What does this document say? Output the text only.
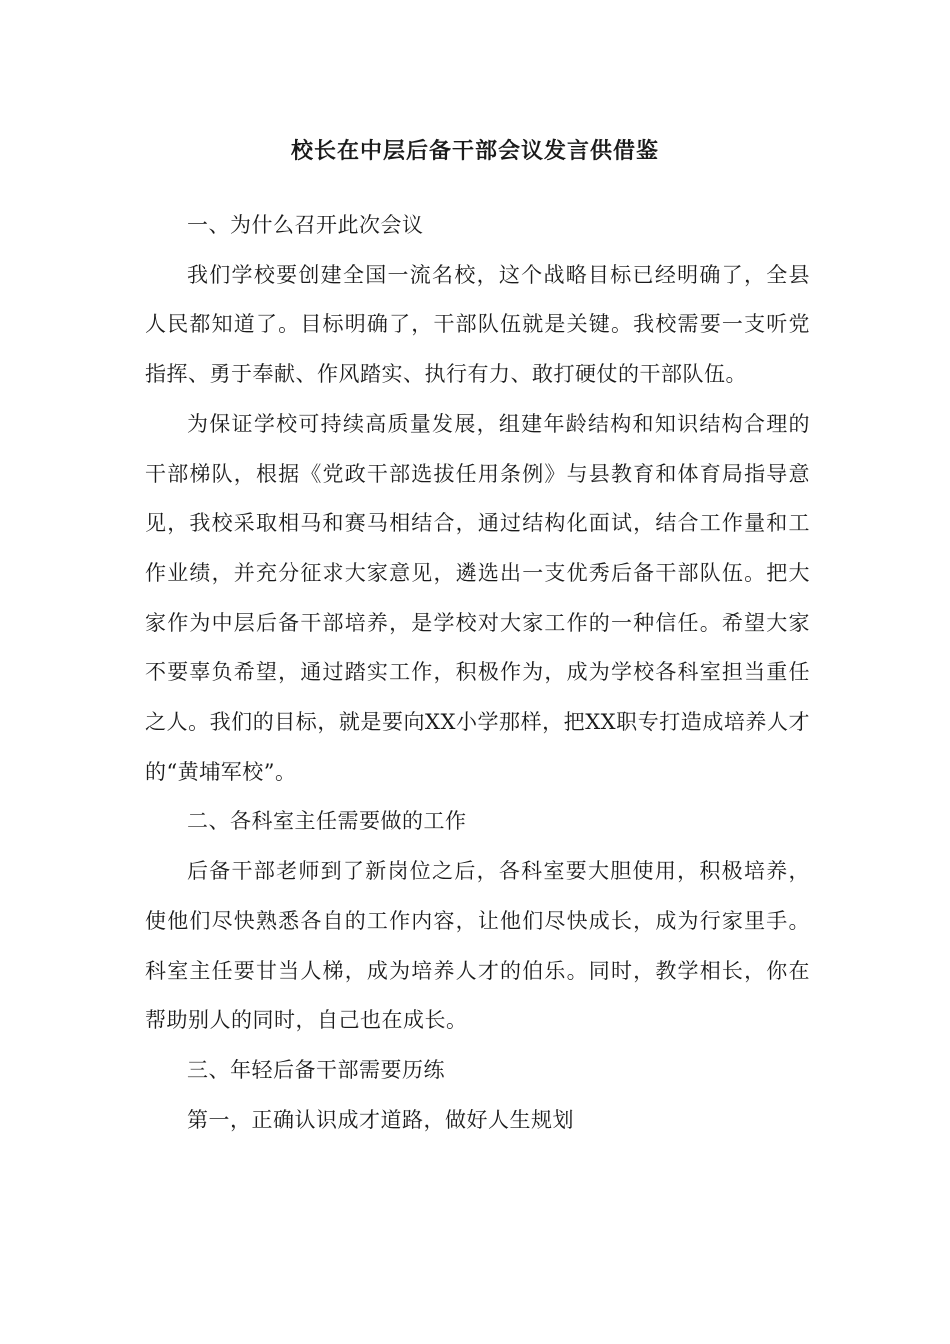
校长在中层后备干部会议发言供借鉴

一、为什么召开此次会议

我们学校要创建全国一流名校，这个战略目标已经明确了，全县人民都知道了。目标明确了，干部队伍就是关键。我校需要一支听党指挥、勇于奉献、作风踏实、执行有力、敢打硬仗的干部队伍。

为保证学校可持续高质量发展，组建年龄结构和知识结构合理的干部梯队，根据《党政干部选拔任用条例》与县教育和体育局指导意见，我校采取相马和赛马相结合，通过结构化面试，结合工作量和工作业绩，并充分征求大家意见，遴选出一支优秀后备干部队伍。把大家作为中层后备干部培养，是学校对大家工作的一种信任。希望大家不要辜负希望，通过踏实工作，积极作为，成为学校各科室担当重任之人。我们的目标，就是要向XX小学那样，把XX职专打造成培养人才的“黄埔军校”。

二、各科室主任需要做的工作

后备干部老师到了新岗位之后，各科室要大胆使用，积极培养，使他们尽快熟悉各自的工作内容，让他们尽快成长，成为行家里手。科室主任要甘当人梯，成为培养人才的伯乐。同时，教学相长，你在帮助别人的同时，自己也在成长。

三、年轻后备干部需要历练

第一，正确认识成才道路，做好人生规划
